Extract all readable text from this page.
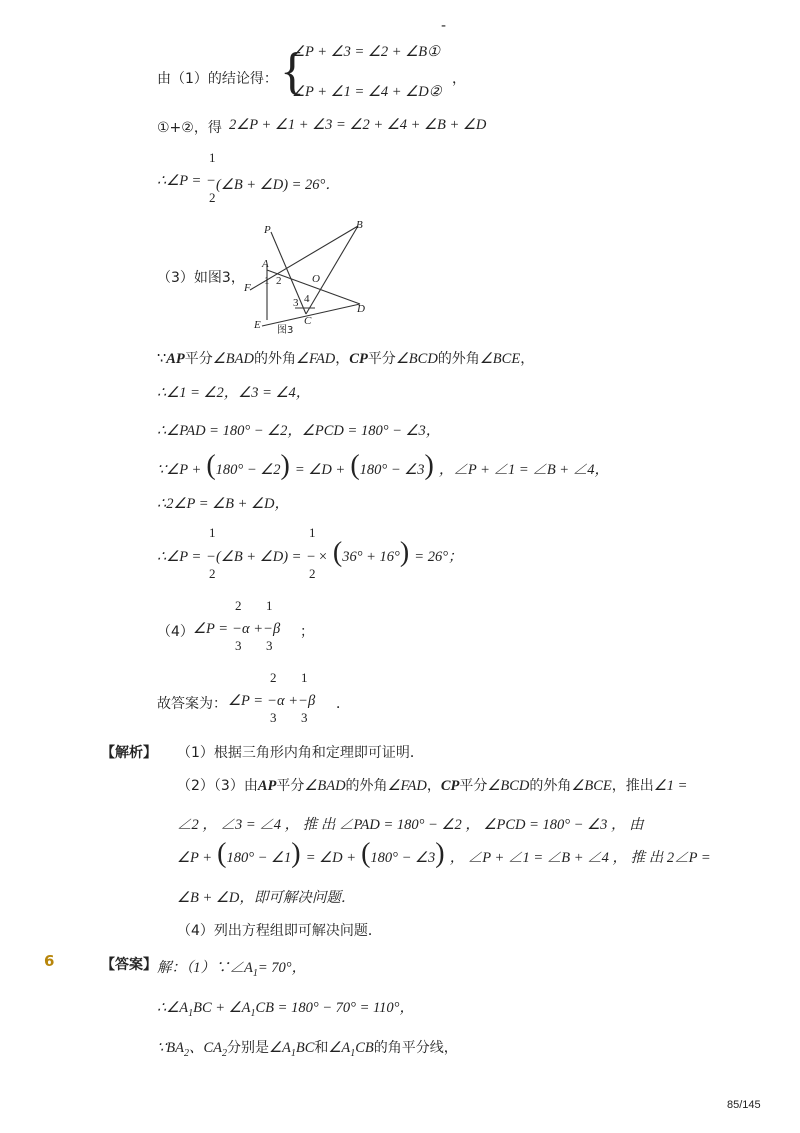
-
由（1）的结论得： {
∠P + ∠3 = ∠2 + ∠B①
∠P + ∠1 = ∠4 + ∠D②
，
①+②，得 2∠P + ∠1 + ∠3 = ∠2 + ∠4 + ∠B + ∠D
∴∠P =
1
2
− (∠B + ∠D) = 26°．
（3）如图3，
P	B
A
1 2	O
F
3 4
D
E	C
图3
∵AP平分∠BAD的外角∠FAD，CP平分∠BCD的外角∠BCE，
∴∠1 = ∠2，∠3 = ∠4，
∴∠PAD = 180° − ∠2，∠PCD = 180° − ∠3，
∵∠P + (180° − ∠2) = ∠D + (180° − ∠3) ，∠P + ∠1 = ∠B + ∠4，
∴2∠P = ∠B + ∠D，
∴∠P =
1
−
2
(∠B + ∠D) =
1
−
2
× (36° + 16°) = 26°；
（4） ∠P =
2
−
3
α +
1
−
3
β ；
故答案为： ∠P =
2
−
3
α +
1
−
3
β ．
【解析】 （1）根据三角形内角和定理即可证明．
（2）（3）由AP平分∠BAD的外角∠FAD，CP平分∠BCD的外角∠BCE，推出∠1 =
∠2 ， ∠3 = ∠4 ， 推 出 ∠PAD = 180° − ∠2 ， ∠PCD = 180° − ∠3 ， 由
∠P + (180° − ∠1) = ∠D + (180° − ∠3) ， ∠P + ∠1 = ∠B + ∠4 ， 推 出 2∠P =
∠B + ∠D，即可解决问题．
（4）列出方程组即可解决问题．
6	【答案】 解：$(1)\because\angle A_1= 70^\circ$，
$\therefore\angle A_1BC$ + $\angle A_1CB = 180^\circ - 70^\circ = 110^\circ$，
$\because BA_2$、$CA_2$分别是$\angle A_1BC$和$\angle A_1CB$的角平分线，
85/145
